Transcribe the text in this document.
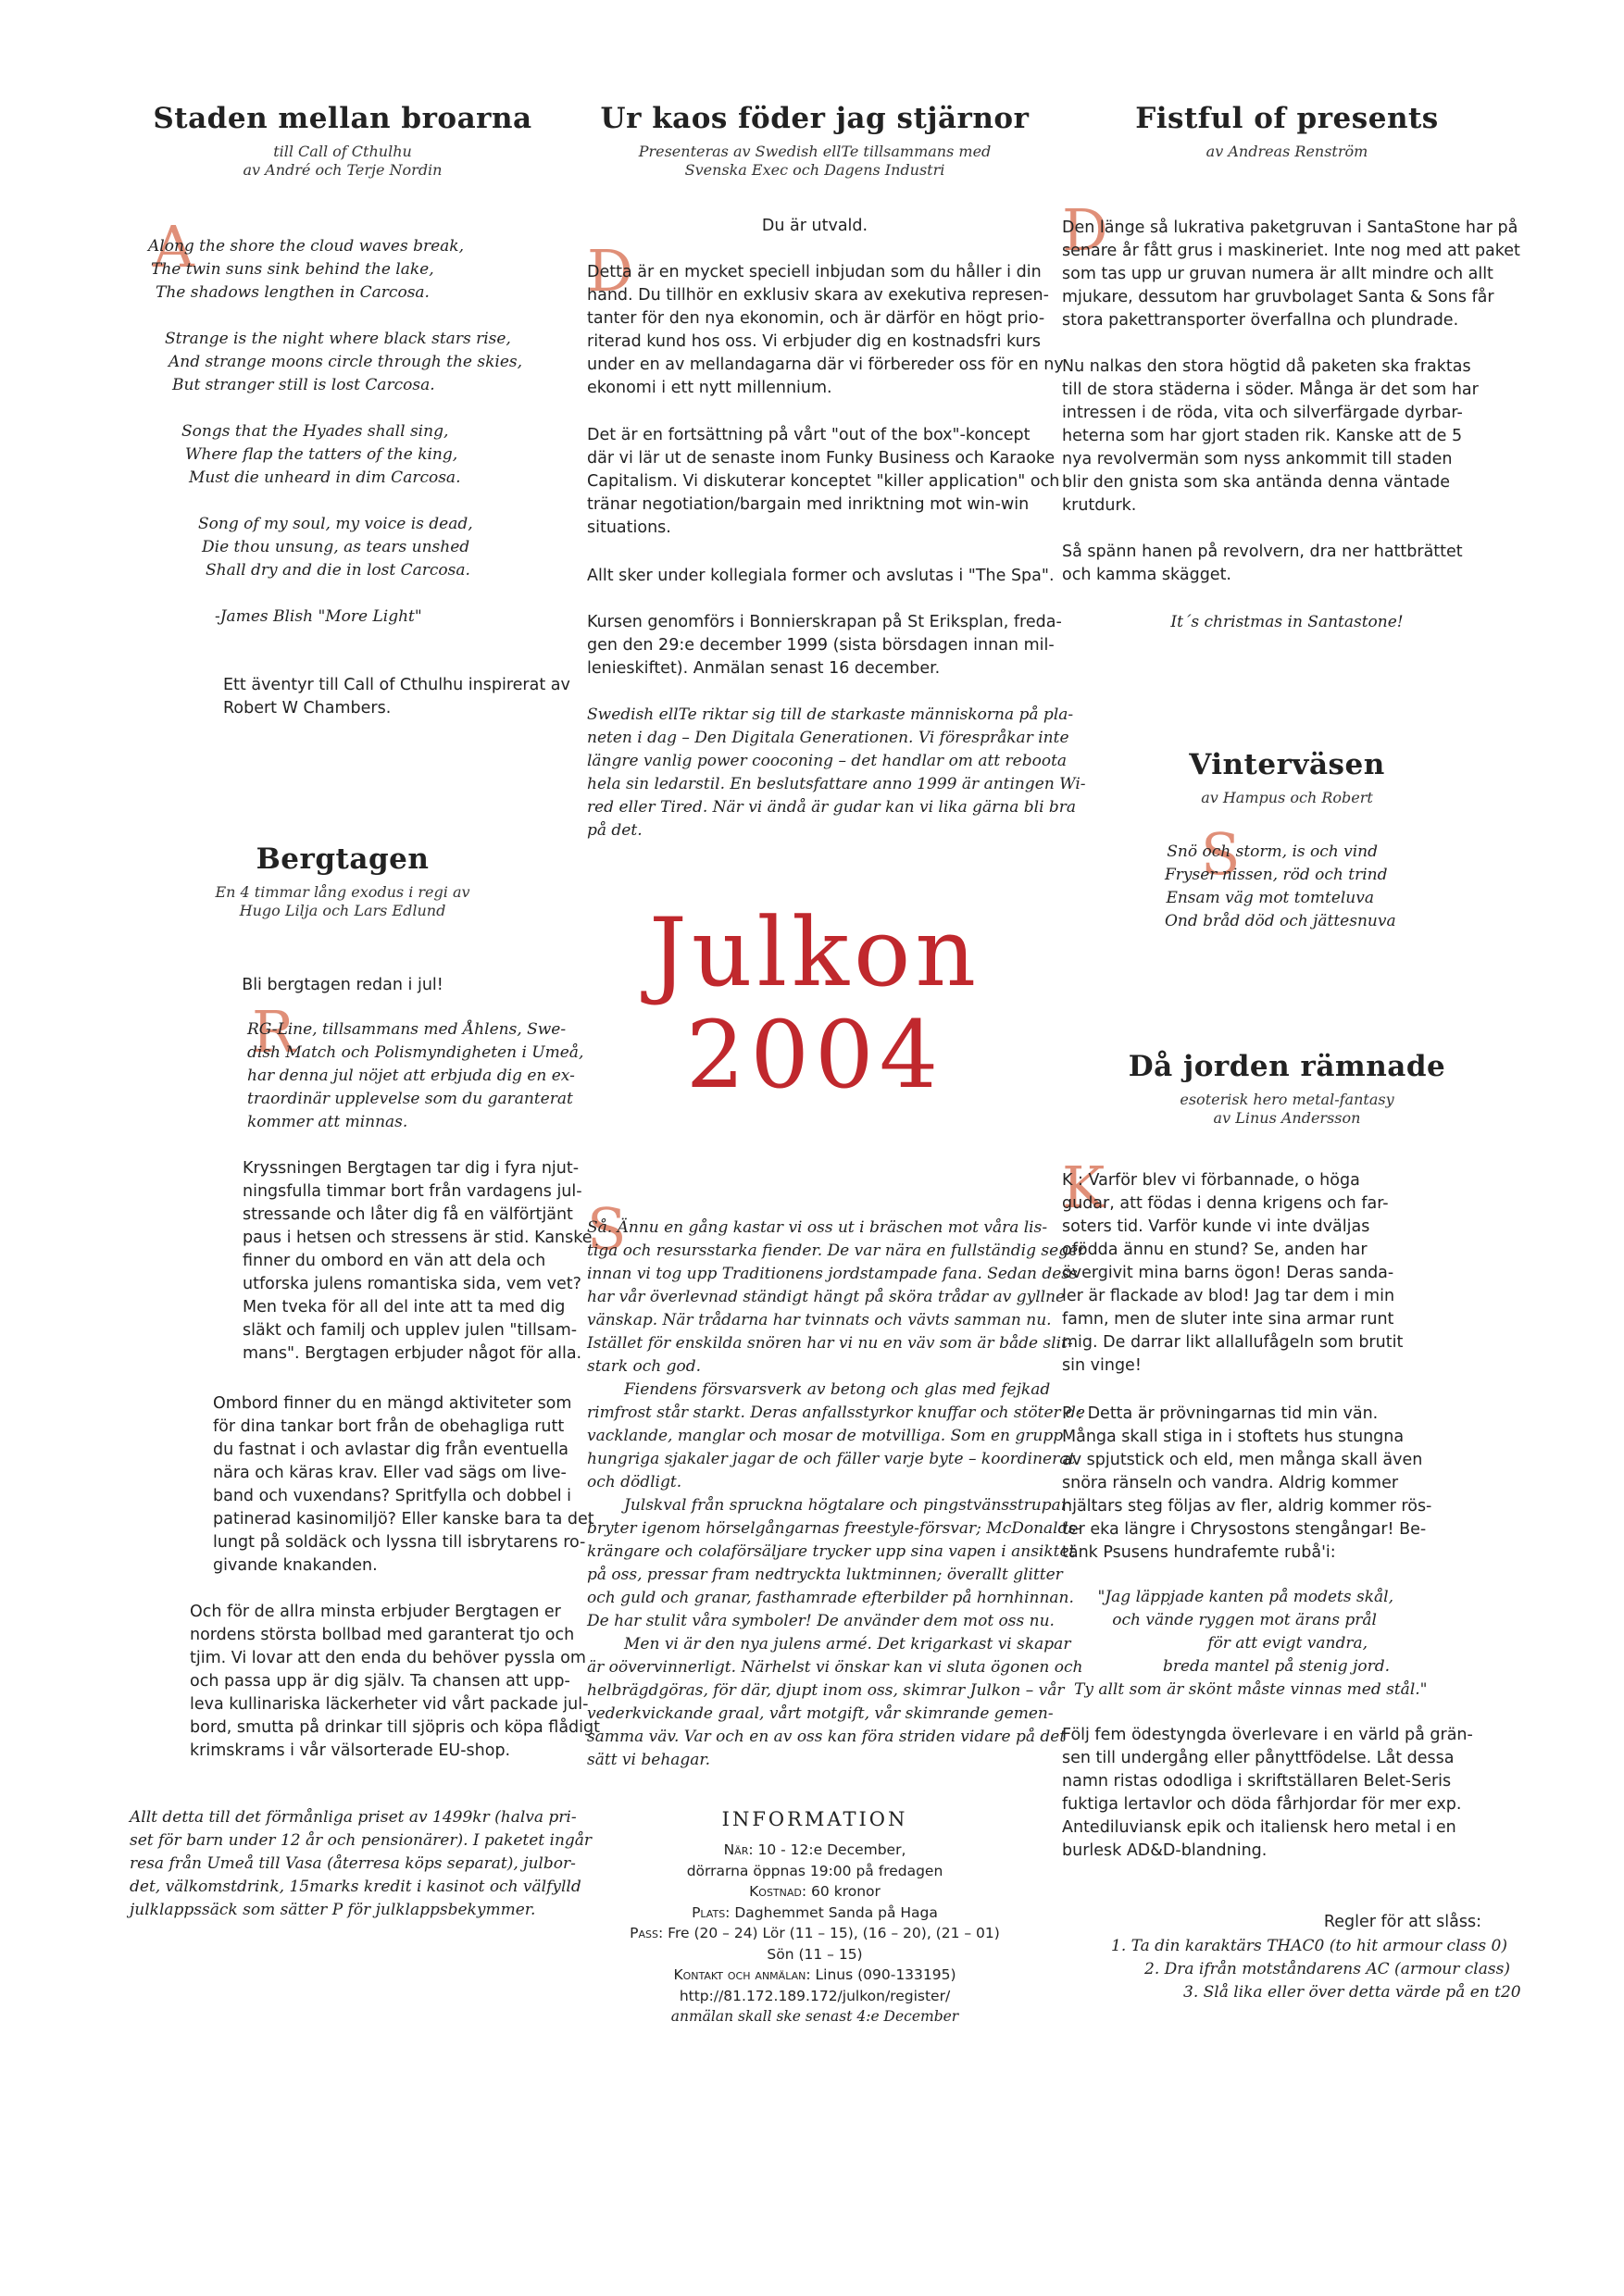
Staden mellan broarna
till Call of Cthulhu
av André och Terje Nordin
A
Along the shore the cloud waves break,
The twin suns sink behind the lake,
The shadows lengthen in Carcosa.
Strange is the night where black stars rise,
And strange moons circle through the skies,
But stranger still is lost Carcosa.
Songs that the Hyades shall sing,
Where flap the tatters of the king,
Must die unheard in dim Carcosa.
Song of my soul, my voice is dead,
Die thou unsung, as tears unshed
Shall dry and die in lost Carcosa.
-James Blish "More Light"
Ett äventyr till Call of Cthulhu inspirerat av
Robert W Chambers.
Bergtagen
En 4 timmar lång exodus i regi av
Hugo Lilja och Lars Edlund
Bli bergtagen redan i jul!
R
RG-Line, tillsammans med Åhlens, Swe-
dish Match och Polismyndigheten i Umeå,
har denna jul nöjet att erbjuda dig en ex-
traordinär upplevelse som du garanterat
kommer att minnas.
Kryssningen Bergtagen tar dig i fyra njut-
ningsfulla timmar bort från vardagens jul-
stressande och låter dig få en välförtjänt
paus i hetsen och stressens är stid. Kanske
finner du ombord en vän att dela och
utforska julens romantiska sida, vem vet?
Men tveka för all del inte att ta med dig
släkt och familj och upplev julen "tillsam-
mans". Bergtagen erbjuder något för alla.
Ombord finner du en mängd aktiviteter som
för dina tankar bort från de obehagliga rutt
du fastnat i och avlastar dig från eventuella
nära och käras krav. Eller vad sägs om live-
band och vuxendans? Spritfylla och dobbel i
patinerad kasinomiljö? Eller kanske bara ta det
lungt på soldäck och lyssna till isbrytarens ro-
givande knakanden.
Och för de allra minsta erbjuder Bergtagen er
nordens största bollbad med garanterat tjo och
tjim. Vi lovar att den enda du behöver pyssla om
och passa upp är dig själv. Ta chansen att upp-
leva kullinariska läckerheter vid vårt packade jul-
bord, smutta på drinkar till sjöpris och köpa flådigt
krimskrams i vår välsorterade EU-shop.
Allt detta till det förmånliga priset av 1499kr (halva pri-
set för barn under 12 år och pensionärer). I paketet ingår
resa från Umeå till Vasa (återresa köps separat), julbor-
det, välkomstdrink, 15marks kredit i kasinot och välfylld
julklappssäck som sätter P för julklappsbekymmer.
Ur kaos föder jag stjärnor
Presenteras av Swedish ellTe tillsammans med
Svenska Exec och Dagens Industri
Du är utvald.
D
Detta är en mycket speciell inbjudan som du håller i din
hand. Du tillhör en exklusiv skara av exekutiva represen-
tanter för den nya ekonomin, och är därför en högt prio-
riterad kund hos oss. Vi erbjuder dig en kostnadsfri kurs
under en av mellandagarna där vi förbereder oss för en ny
ekonomi i ett nytt millennium.
Det är en fortsättning på vårt "out of the box"-koncept
där vi lär ut de senaste inom Funky Business och Karaoke
Capitalism. Vi diskuterar konceptet "killer application" och
tränar negotiation/bargain med inriktning mot win-win
situations.
Allt sker under kollegiala former och avslutas i "The Spa".
Kursen genomförs i Bonnierskrapan på St Eriksplan, freda-
gen den 29:e december 1999 (sista börsdagen innan mil-
lenieskiftet). Anmälan senast 16 december.
Swedish ellTe riktar sig till de starkaste människorna på pla-
neten i dag – Den Digitala Generationen. Vi förespråkar inte
längre vanlig power cooconing – det handlar om att reboota
hela sin ledarstil. En beslutsfattare anno 1999 är antingen Wi-
red eller Tired. När vi ändå är gudar kan vi lika gärna bli bra
på det.
Julkon
2004
S
Så. Ännu en gång kastar vi oss ut i bräschen mot våra lis-
tiga och resursstarka fiender. De var nära en fullständig seger
innan vi tog upp Traditionens jordstampade fana. Sedan dess
har vår överlevnad ständigt hängt på sköra trådar av gyllne
vänskap. När trådarna har tvinnats och vävts samman nu.
Istället för enskilda snören har vi nu en väv som är både slit-
stark och god.
Fiendens försvarsverk av betong och glas med fejkad
rimfrost står starkt. Deras anfallsstyrkor knuffar och stöter de
vacklande, manglar och mosar de motvilliga. Som en grupp
hungriga sjakaler jagar de och fäller varje byte – koordinerat
och dödligt.
Julskval från spruckna högtalare och pingstvänsstrupar
bryter igenom hörselgångarnas freestyle-försvar; McDonalds-
krängare och colaförsäljare trycker upp sina vapen i ansiktet
på oss, pressar fram nedtryckta luktminnen; överallt glitter
och guld och granar, fasthamrade efterbilder på hornhinnan.
De har stulit våra symboler! De använder dem mot oss nu.
Men vi är den nya julens armé. Det krigarkast vi skapar
är oövervinnerligt. Närhelst vi önskar kan vi sluta ögonen och
helbrägdgöras, för där, djupt inom oss, skimrar Julkon – vår
vederkvickande graal, vårt motgift, vår skimrande gemen-
samma väv. Var och en av oss kan föra striden vidare på det
sätt vi behagar.
INFORMATION
När: 10 - 12:e December,
dörrarna öppnas 19:00 på fredagen
Kostnad: 60 kronor
Plats: Daghemmet Sanda på Haga
Pass: Fre (20 – 24) Lör (11 – 15), (16 – 20), (21 – 01)
Sön (11 – 15)
Kontakt och anmälan: Linus (090-133195)
http://81.172.189.172/julkon/register/
anmälan skall ske senast 4:e December
Fistful of presents
av Andreas Renström
D
Den länge så lukrativa paketgruvan i SantaStone har på
senare år fått grus i maskineriet. Inte nog med att paket
som tas upp ur gruvan numera är allt mindre och allt
mjukare, dessutom har gruvbolaget Santa & Sons får
stora pakettransporter överfallna och plundrade.
Nu nalkas den stora högtid då paketen ska fraktas
till de stora städerna i söder. Många är det som har
intressen i de röda, vita och silverfärgade dyrbar-
heterna som har gjort staden rik. Kanske att de 5
nya revolvermän som nyss ankommit till staden
blir den gnista som ska antända denna väntade
krutdurk.
Så spänn hanen på revolvern, dra ner hattbrättet
och kamma skägget.
It´s christmas in Santastone!
Vinterväsen
av Hampus och Robert
S
Snö och storm, is och vind
Fryser nissen, röd och trind
Ensam väg mot tomteluva
Ond bråd död och jättesnuva
Då jorden rämnade
esoterisk hero metal-fantasy
av Linus Andersson
K
K : Varför blev vi förbannade, o höga
gudar, att födas i denna krigens och far-
soters tid. Varför kunde vi inte dväljas
ofödda ännu en stund? Se, anden har
övergivit mina barns ögon! Deras sanda-
ler är flackade av blod! Jag tar dem i min
famn, men de sluter inte sina armar runt
mig. De darrar likt allallufågeln som brutit
sin vinge!
P : Detta är prövningarnas tid min vän.
Många skall stiga in i stoftets hus stungna
av spjutstick och eld, men många skall även
snöra ränseln och vandra. Aldrig kommer
hjältars steg följas av fler, aldrig kommer rös-
ter eka längre i Chrysostons stengångar! Be-
tänk Psusens hundrafemte rubå'i:
"Jag läppjade kanten på modets skål,
och vände ryggen mot ärans prål
för att evigt vandra,
breda mantel på stenig jord.
Ty allt som är skönt måste vinnas med stål."
Följ fem ödestyngda överlevare i en värld på grän-
sen till undergång eller pånyttfödelse. Låt dessa
namn ristas ododliga i skriftställaren Belet-Seris
fuktiga lertavlor och döda fårhjordar för mer exp.
Antediluviansk epik och italiensk hero metal i en
burlesk AD&D-blandning.
Regler för att slåss:
1. Ta din karaktärs THAC0 (to hit armour class 0)
2. Dra ifrån motståndarens AC (armour class)
3. Slå lika eller över detta värde på en t20
